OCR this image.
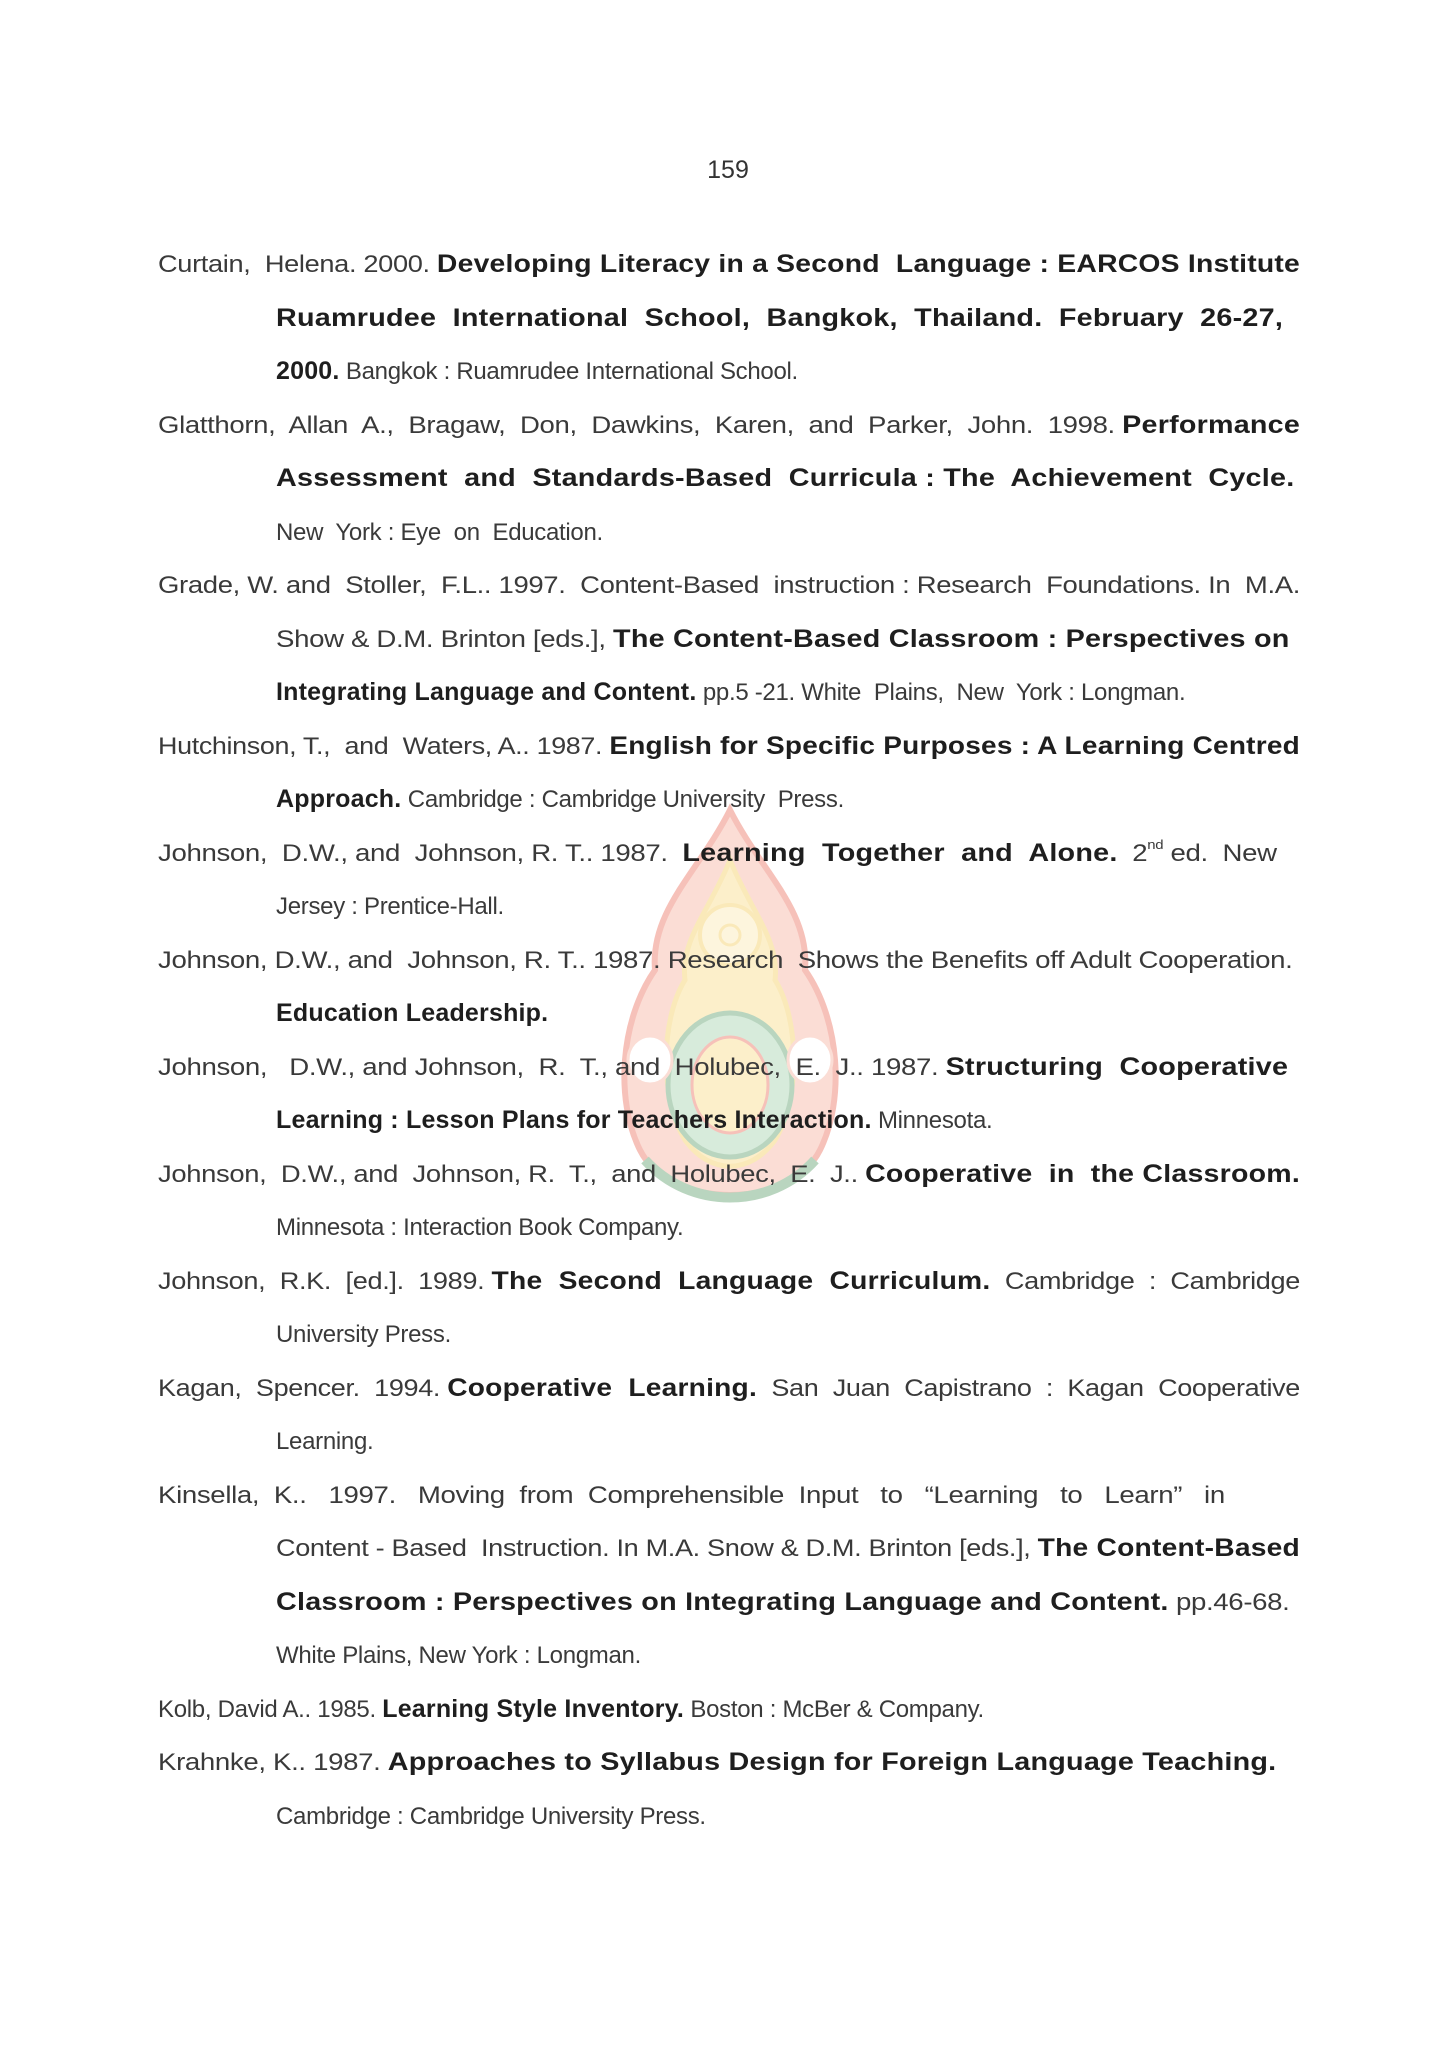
159
Curtain,  Helena. 2000. Developing Literacy in a Second  Language : EARCOS Institute
Ruamrudee  International  School,  Bangkok,  Thailand.  February  26-27,
2000. Bangkok : Ruamrudee International School.
Glatthorn,  Allan  A.,  Bragaw,  Don,  Dawkins,  Karen,  and  Parker,  John.  1998. Performance
Assessment  and  Standards-Based  Curricula : The  Achievement  Cycle.
New  York : Eye  on  Education.
Grade, W. and  Stoller,  F.L.. 1997.  Content-Based  instruction : Research  Foundations. In  M.A.
Show & D.M. Brinton [eds.], The Content-Based Classroom : Perspectives on
Integrating Language and Content. pp.5 -21. White  Plains,  New  York : Longman.
Hutchinson, T.,  and  Waters, A.. 1987. English for Specific Purposes : A Learning Centred
Approach. Cambridge : Cambridge University  Press.
Johnson,  D.W., and  Johnson, R. T.. 1987.  Learning  Together  and  Alone.  2nd ed.  New
Jersey : Prentice-Hall.
Johnson, D.W., and  Johnson, R. T.. 1987. Research  Shows the Benefits off Adult Cooperation.
Education Leadership.
Johnson,   D.W., and Johnson,  R.  T., and  Holubec,  E.  J.. 1987. Structuring  Cooperative
Learning : Lesson Plans for Teachers Interaction. Minnesota.
Johnson,  D.W., and  Johnson, R.  T.,  and  Holubec,  E.  J.. Cooperative  in  the Classroom.
Minnesota : Interaction Book Company.
Johnson,  R.K.  [ed.].  1989. The  Second  Language  Curriculum.  Cambridge  :  Cambridge
University Press.
Kagan,  Spencer.  1994. Cooperative  Learning.  San  Juan  Capistrano  :  Kagan  Cooperative
Learning.
Kinsella,  K..   1997.   Moving  from  Comprehensible  Input   to   “Learning   to   Learn”   in
Content - Based  Instruction. In M.A. Snow & D.M. Brinton [eds.], The Content-Based
Classroom : Perspectives on Integrating Language and Content. pp.46-68.
White Plains, New York : Longman.
Kolb, David A.. 1985. Learning Style Inventory. Boston : McBer & Company.
Krahnke, K.. 1987. Approaches to Syllabus Design for Foreign Language Teaching.
Cambridge : Cambridge University Press.
